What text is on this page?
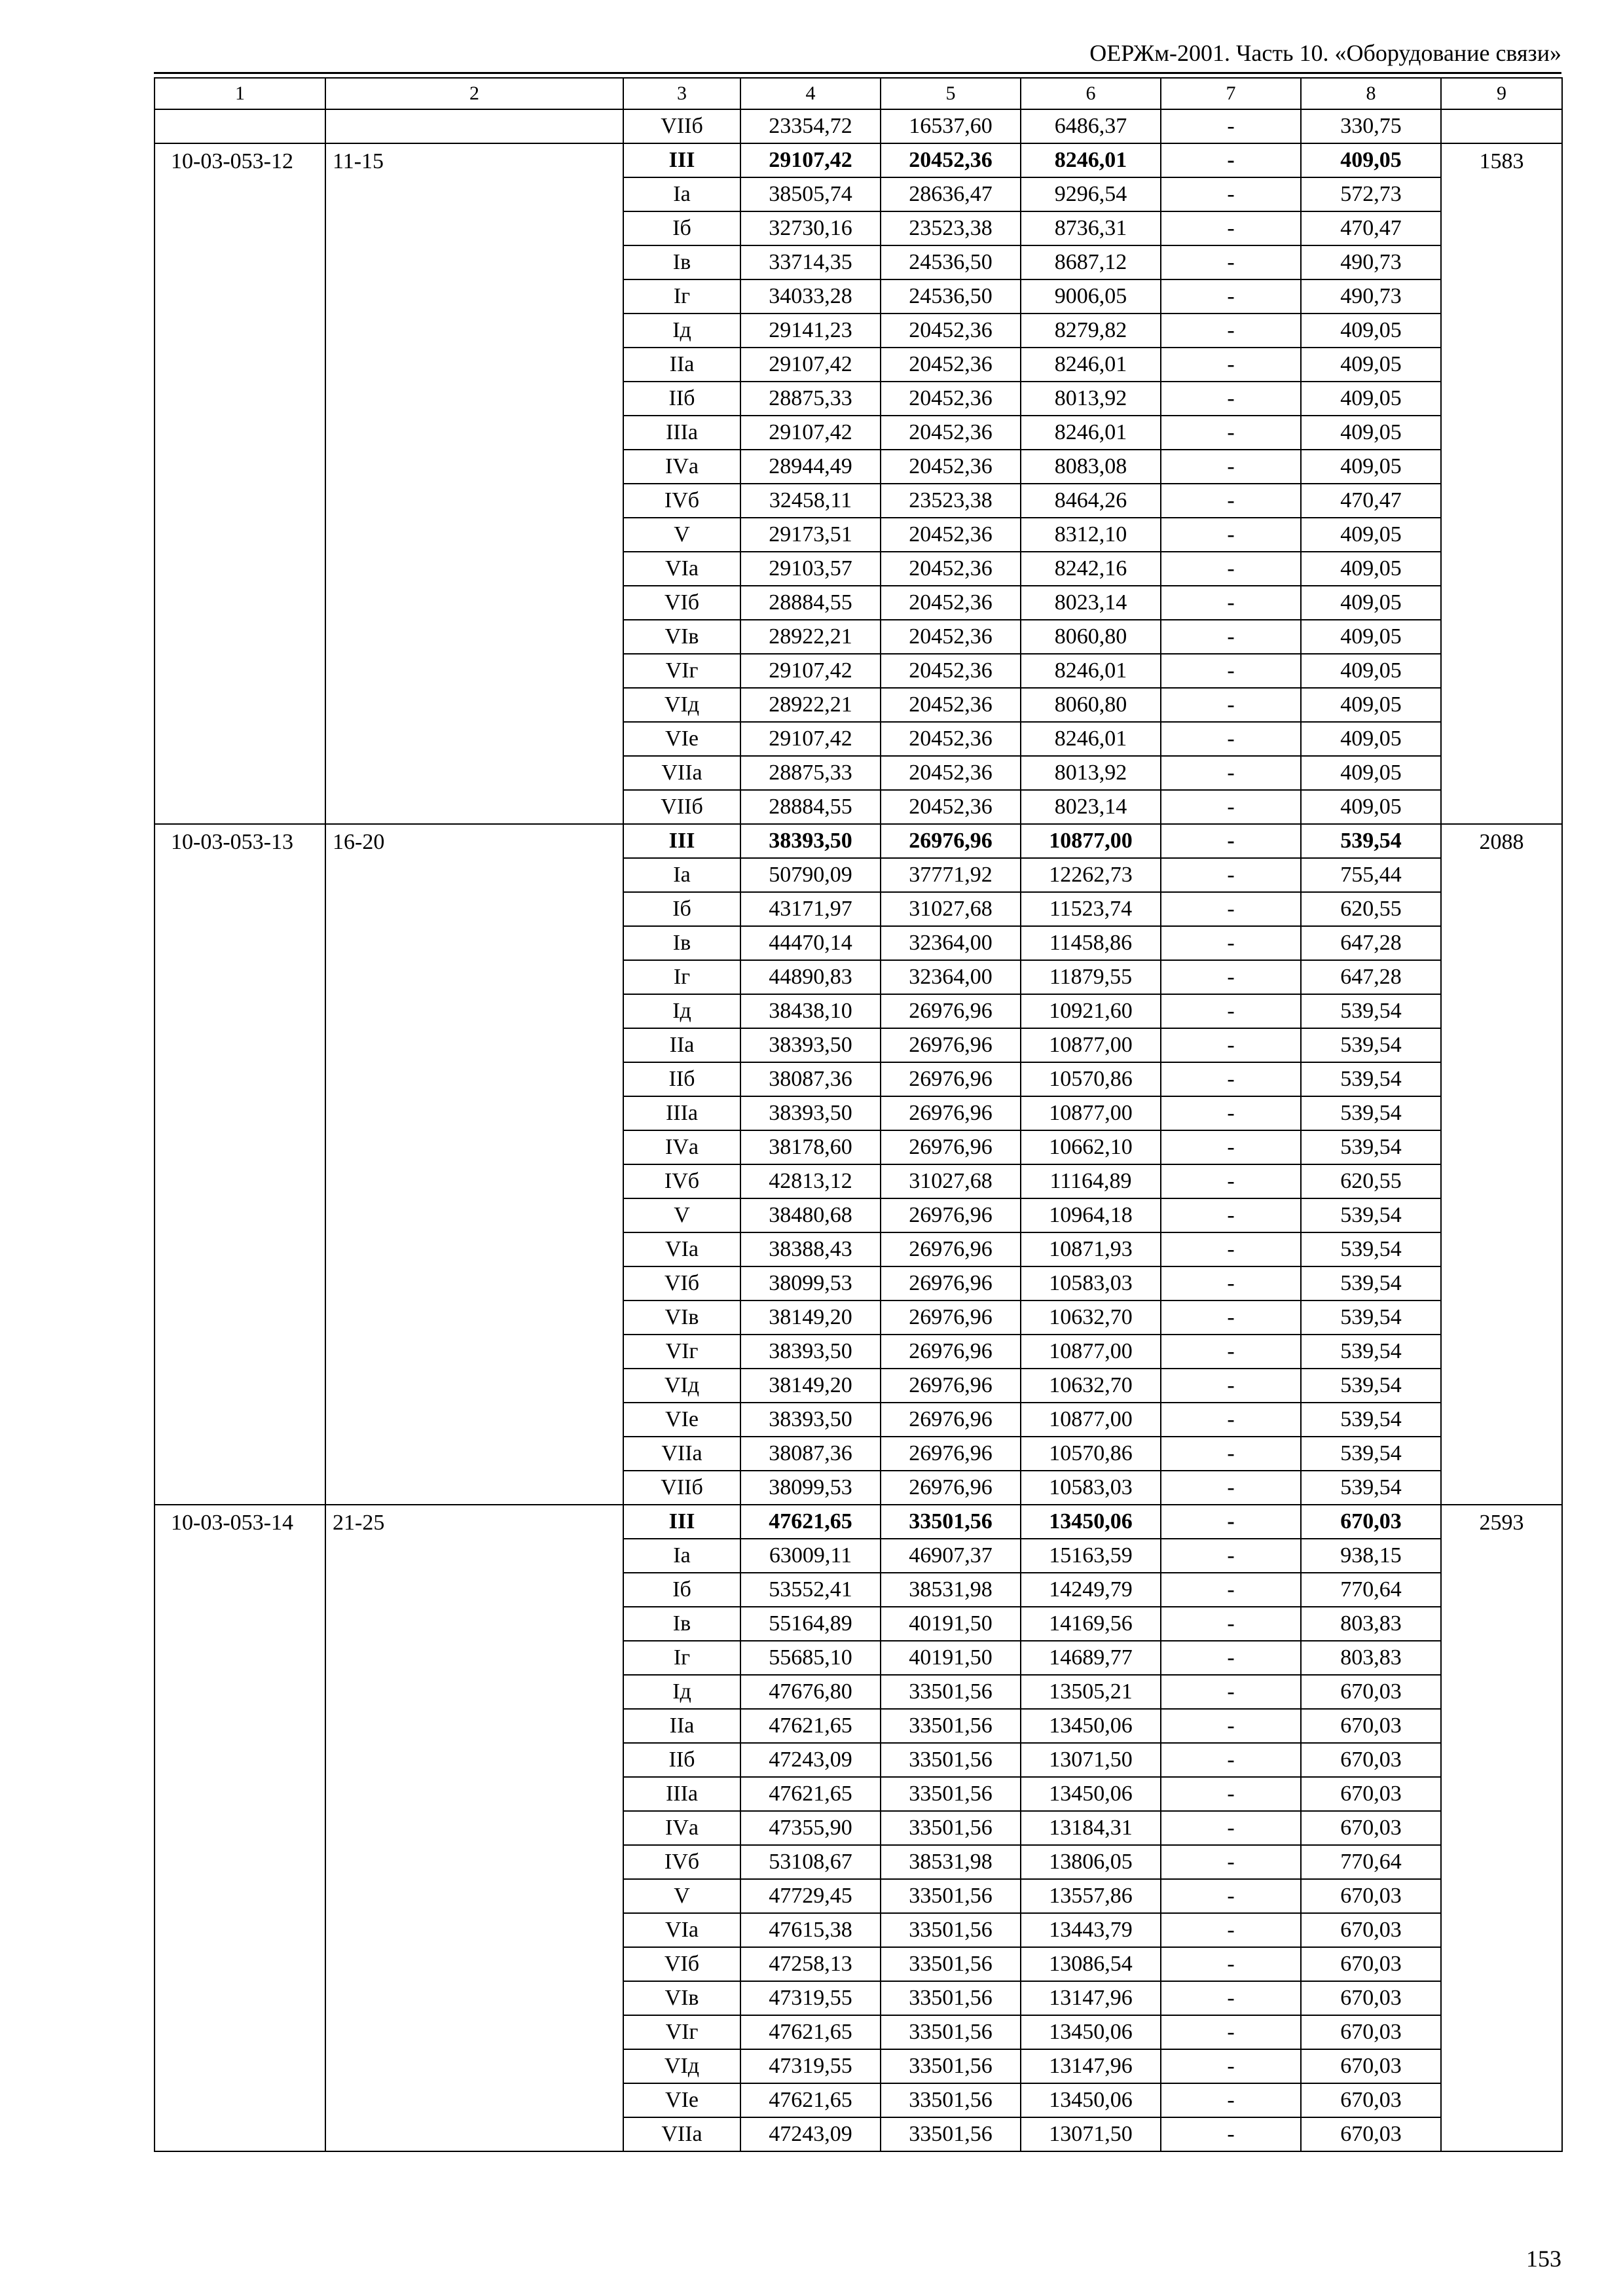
ОЕРЖм-2001. Часть 10. «Оборудование связи»
1	2	3	4	5	6	7	8	9
		VIIб	23354,72	16537,60	6486,37	-	330,75	
10-03-053-12	11-15	III	29107,42	20452,36	8246,01	-	409,05	1583
		Iа	38505,74	28636,47	9296,54	-	572,73	
		Iб	32730,16	23523,38	8736,31	-	470,47	
		Iв	33714,35	24536,50	8687,12	-	490,73	
		Iг	34033,28	24536,50	9006,05	-	490,73	
		Iд	29141,23	20452,36	8279,82	-	409,05	
		IIа	29107,42	20452,36	8246,01	-	409,05	
		IIб	28875,33	20452,36	8013,92	-	409,05	
		IIIа	29107,42	20452,36	8246,01	-	409,05	
		IVа	28944,49	20452,36	8083,08	-	409,05	
		IVб	32458,11	23523,38	8464,26	-	470,47	
		V	29173,51	20452,36	8312,10	-	409,05	
		VIа	29103,57	20452,36	8242,16	-	409,05	
		VIб	28884,55	20452,36	8023,14	-	409,05	
		VIв	28922,21	20452,36	8060,80	-	409,05	
		VIг	29107,42	20452,36	8246,01	-	409,05	
		VIд	28922,21	20452,36	8060,80	-	409,05	
		VIе	29107,42	20452,36	8246,01	-	409,05	
		VIIа	28875,33	20452,36	8013,92	-	409,05	
		VIIб	28884,55	20452,36	8023,14	-	409,05	
10-03-053-13	16-20	III	38393,50	26976,96	10877,00	-	539,54	2088
		Iа	50790,09	37771,92	12262,73	-	755,44	
		Iб	43171,97	31027,68	11523,74	-	620,55	
		Iв	44470,14	32364,00	11458,86	-	647,28	
		Iг	44890,83	32364,00	11879,55	-	647,28	
		Iд	38438,10	26976,96	10921,60	-	539,54	
		IIа	38393,50	26976,96	10877,00	-	539,54	
		IIб	38087,36	26976,96	10570,86	-	539,54	
		IIIа	38393,50	26976,96	10877,00	-	539,54	
		IVа	38178,60	26976,96	10662,10	-	539,54	
		IVб	42813,12	31027,68	11164,89	-	620,55	
		V	38480,68	26976,96	10964,18	-	539,54	
		VIа	38388,43	26976,96	10871,93	-	539,54	
		VIб	38099,53	26976,96	10583,03	-	539,54	
		VIв	38149,20	26976,96	10632,70	-	539,54	
		VIг	38393,50	26976,96	10877,00	-	539,54	
		VIд	38149,20	26976,96	10632,70	-	539,54	
		VIе	38393,50	26976,96	10877,00	-	539,54	
		VIIа	38087,36	26976,96	10570,86	-	539,54	
		VIIб	38099,53	26976,96	10583,03	-	539,54	
10-03-053-14	21-25	III	47621,65	33501,56	13450,06	-	670,03	2593
		Iа	63009,11	46907,37	15163,59	-	938,15	
		Iб	53552,41	38531,98	14249,79	-	770,64	
		Iв	55164,89	40191,50	14169,56	-	803,83	
		Iг	55685,10	40191,50	14689,77	-	803,83	
		Iд	47676,80	33501,56	13505,21	-	670,03	
		IIа	47621,65	33501,56	13450,06	-	670,03	
		IIб	47243,09	33501,56	13071,50	-	670,03	
		IIIа	47621,65	33501,56	13450,06	-	670,03	
		IVа	47355,90	33501,56	13184,31	-	670,03	
		IVб	53108,67	38531,98	13806,05	-	770,64	
		V	47729,45	33501,56	13557,86	-	670,03	
		VIа	47615,38	33501,56	13443,79	-	670,03	
		VIб	47258,13	33501,56	13086,54	-	670,03	
		VIв	47319,55	33501,56	13147,96	-	670,03	
		VIг	47621,65	33501,56	13450,06	-	670,03	
		VIд	47319,55	33501,56	13147,96	-	670,03	
		VIе	47621,65	33501,56	13450,06	-	670,03	
		VIIа	47243,09	33501,56	13071,50	-	670,03	
153
